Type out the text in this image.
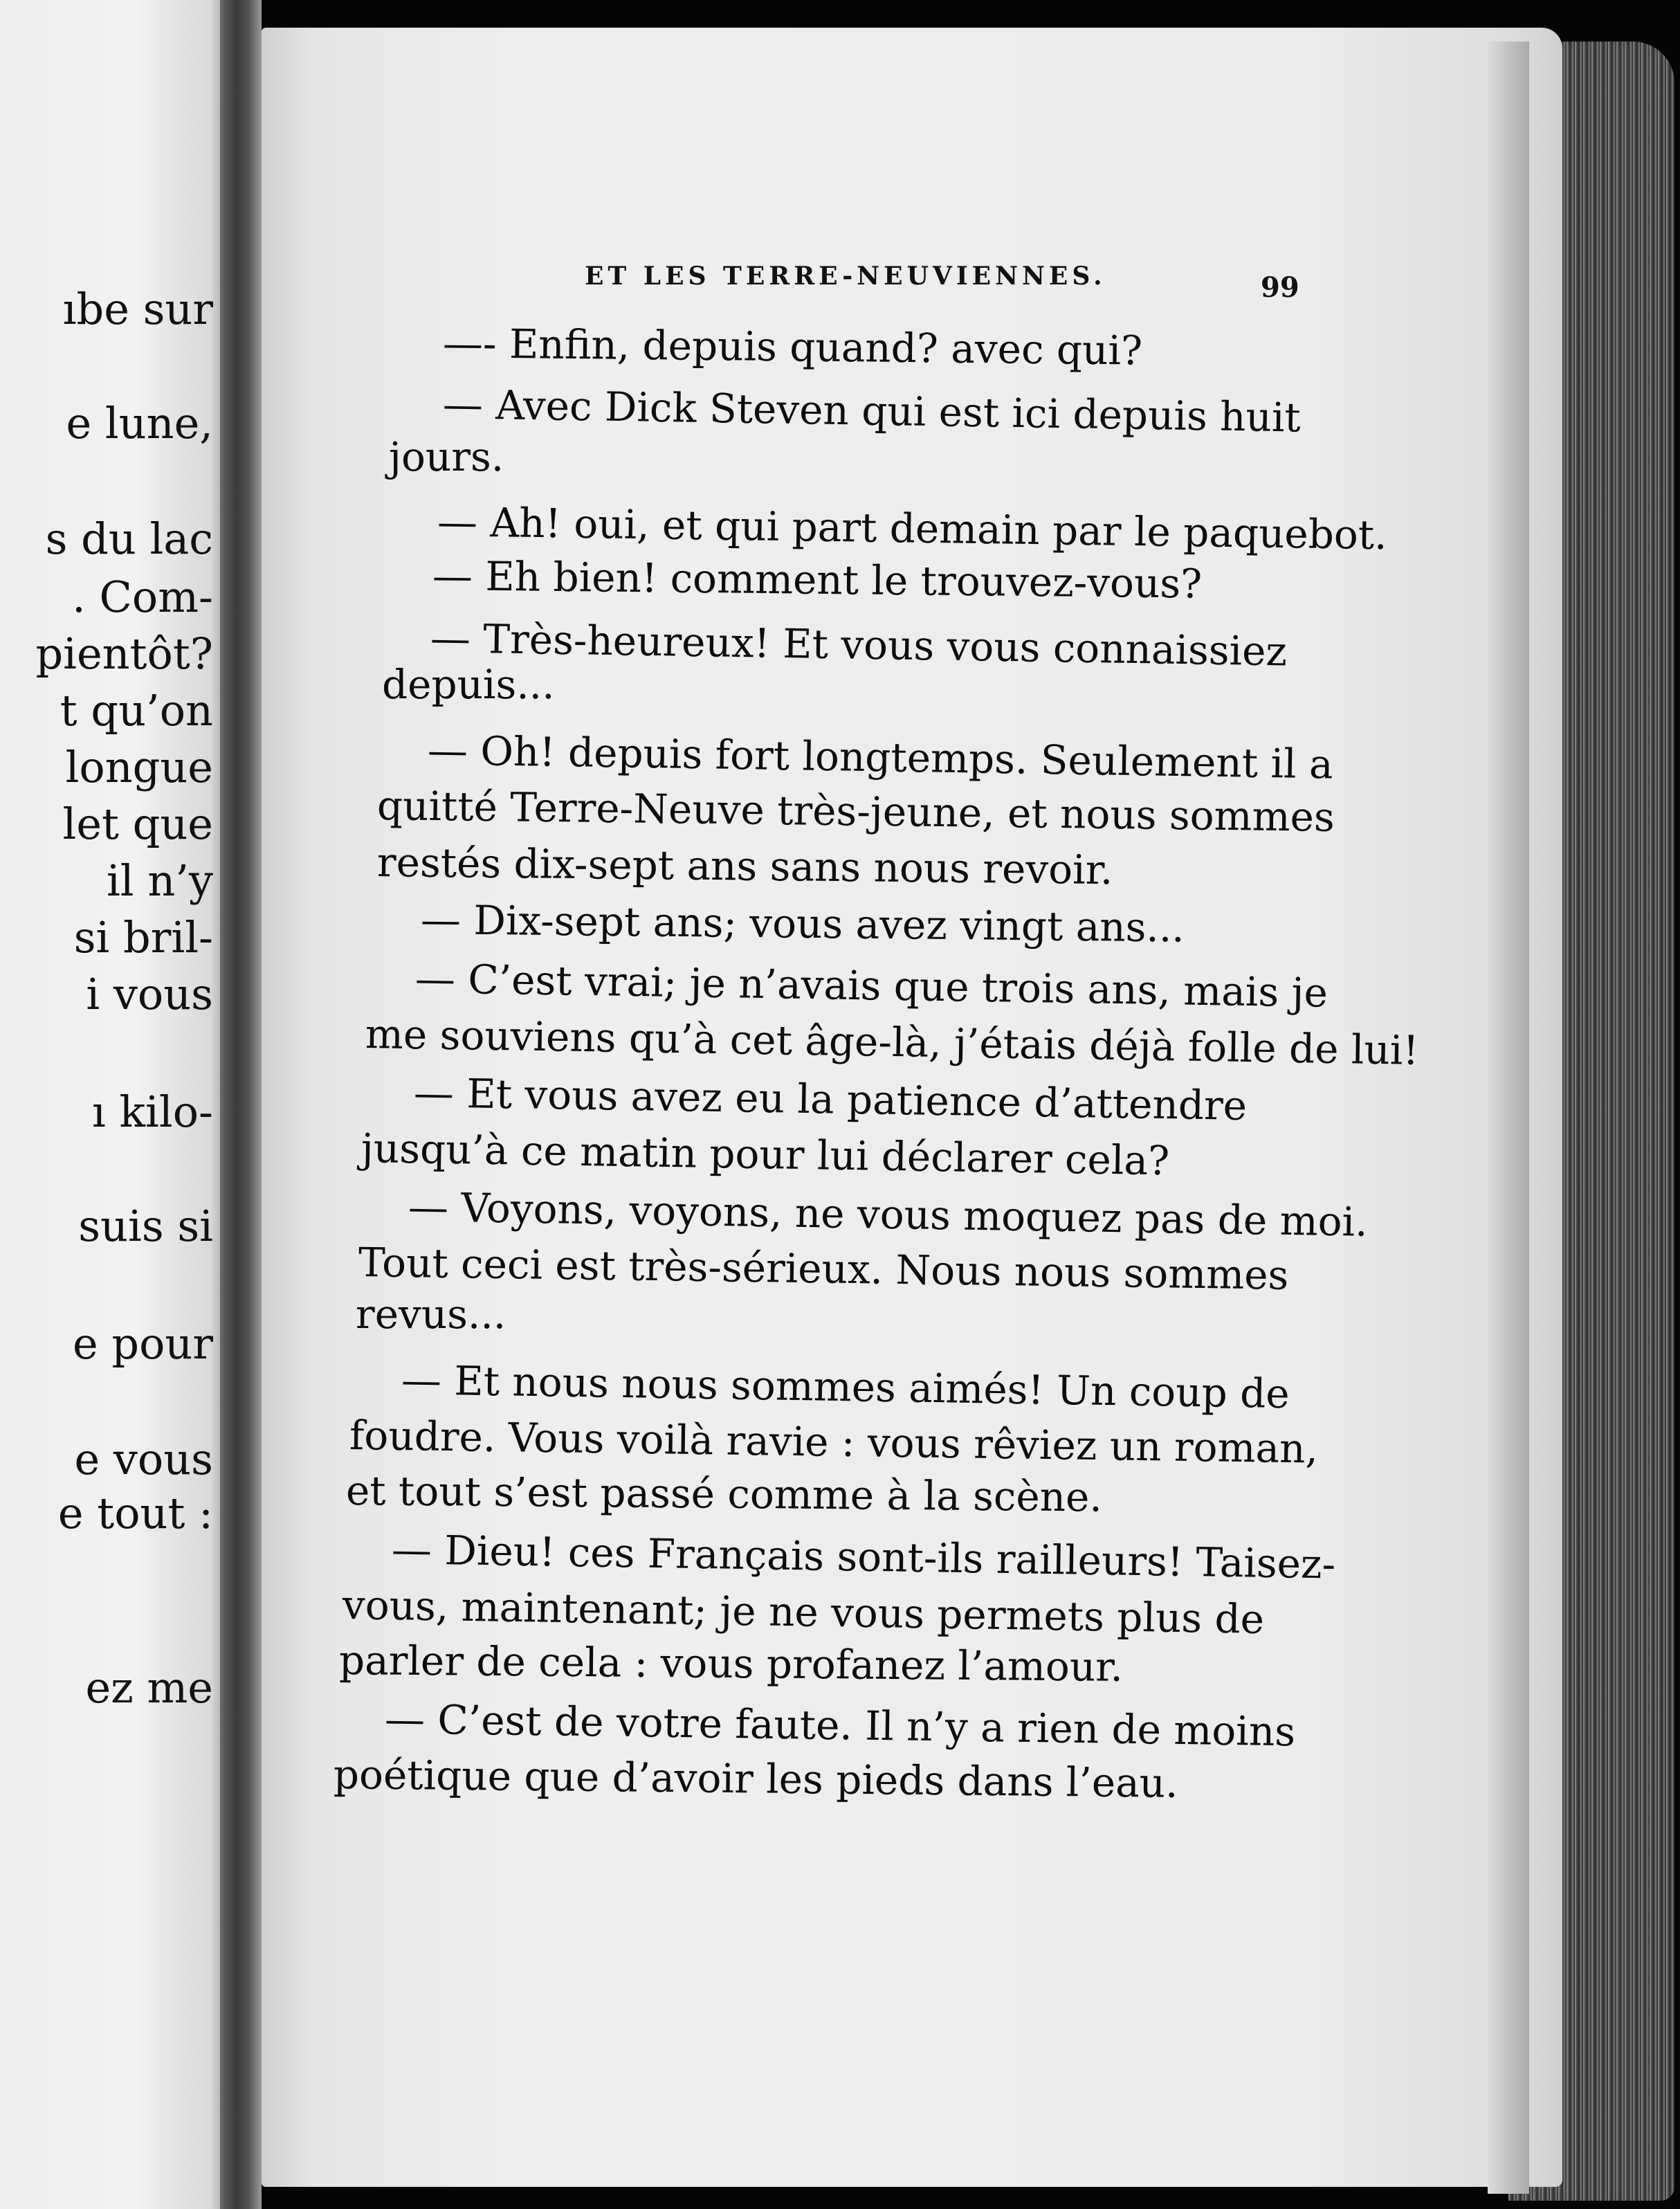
ıbe sur
e lune,
s du lac
. Com-
pientôt?
t qu’on
longue
let que
il n’y
si bril-
i vous
ı kilo-
suis si
e pour
e vous
e tout :
ez me
ET LES TERRE-NEUVIENNES.	99
—- Enfin, depuis quand? avec qui?
— Avec Dick Steven qui est ici depuis huit
jours.
— Ah! oui, et qui part demain par le paquebot.
— Eh bien! comment le trouvez-vous?
— Très-heureux! Et vous vous connaissiez
depuis...
— Oh! depuis fort longtemps. Seulement il a
quitté Terre-Neuve très-jeune, et nous sommes
restés dix-sept ans sans nous revoir.
— Dix-sept ans; vous avez vingt ans...
— C’est vrai; je n’avais que trois ans, mais je
me souviens qu’à cet âge-là, j’étais déjà folle de lui!
— Et vous avez eu la patience d’attendre
jusqu’à ce matin pour lui déclarer cela?
— Voyons, voyons, ne vous moquez pas de moi.
Tout ceci est très-sérieux. Nous nous sommes
revus...
— Et nous nous sommes aimés! Un coup de
foudre. Vous voilà ravie : vous rêviez un roman,
et tout s’est passé comme à la scène.
— Dieu! ces Français sont-ils railleurs! Taisez-
vous, maintenant; je ne vous permets plus de
parler de cela : vous profanez l’amour.
— C’est de votre faute. Il n’y a rien de moins
poétique que d’avoir les pieds dans l’eau.
